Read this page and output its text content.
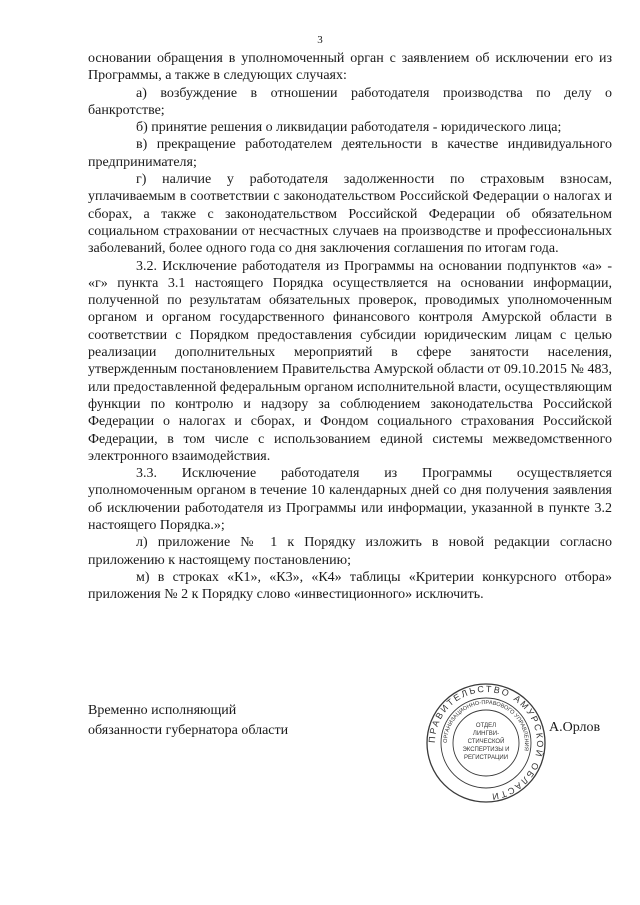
3

основании обращения в уполномоченный орган с заявлением об исключении его из Программы, а также в следующих случаях:

а) возбуждение в отношении работодателя производства по делу о банкротстве;

б) принятие решения о ликвидации работодателя - юридического лица;

в) прекращение работодателем деятельности в качестве индивидуального предпринимателя;

г) наличие у работодателя задолженности по страховым взносам, уплачиваемым в соответствии с законодательством Российской Федерации о налогах и сборах, а также с законодательством Российской Федерации об обязательном социальном страховании от несчастных случаев на производстве и профессиональных заболеваний, более одного года со дня заключения соглашения по итогам года.

3.2. Исключение работодателя из Программы на основании подпунктов «а» - «г» пункта 3.1 настоящего Порядка осуществляется на основании информации, полученной по результатам обязательных проверок, проводимых уполномоченным органом и органом государственного финансового контроля Амурской области в соответствии с Порядком предоставления субсидии юридическим лицам с целью реализации дополнительных мероприятий в сфере занятости населения, утвержденным постановлением Правительства Амурской области от 09.10.2015 № 483, или предоставленной федеральным органом исполнительной власти, осуществляющим функции по контролю и надзору за соблюдением законодательства Российской Федерации о налогах и сборах, и Фондом социального страхования Российской Федерации, в том числе с использованием единой системы межведомственного электронного взаимодействия.

3.3. Исключение работодателя из Программы осуществляется уполномоченным органом в течение 10 календарных дней со дня получения заявления об исключении работодателя из Программы или информации, указанной в пункте 3.2 настоящего Порядка.»;

л) приложение № 1 к Порядку изложить в новой редакции согласно приложению к настоящему постановлению;

м) в строках «К1», «К3», «К4» таблицы «Критерии конкурсного отбора» приложения № 2 к Порядку слово «инвестиционного» исключить.

Временно исполняющий
обязанности губернатора области	А.Орлов
ПРАВИТЕЛЬСТВО АМУРСКОЙ ОБЛАСТИ
ОРГАНИЗАЦИОННО-ПРАВОВОГО УПРАВЛЕНИЯ
ОТДЕЛ
ЛИНГВИ-
СТИЧЕСКОЙ
ЭКСПЕРТИЗЫ И
РЕГИСТРАЦИИ
